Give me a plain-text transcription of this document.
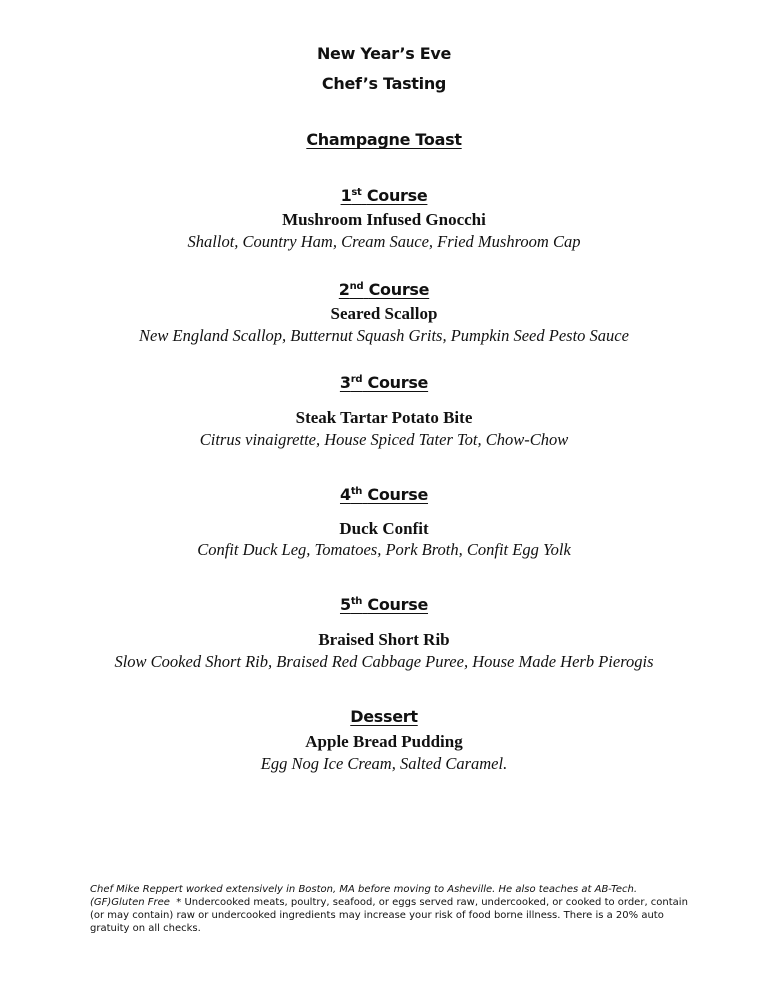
New Year’s Eve
Chef’s Tasting
Champagne Toast
1st Course
Mushroom Infused Gnocchi
Shallot, Country Ham, Cream Sauce, Fried Mushroom Cap
2nd Course
Seared Scallop
New England Scallop, Butternut Squash Grits, Pumpkin Seed Pesto Sauce
3rd Course
Steak Tartar Potato Bite
Citrus vinaigrette, House Spiced Tater Tot, Chow-Chow
4th Course
Duck Confit
Confit Duck Leg, Tomatoes, Pork Broth, Confit Egg Yolk
5th Course
Braised Short Rib
Slow Cooked Short Rib, Braised Red Cabbage Puree, House Made Herb Pierogis
Dessert
Apple Bread Pudding
Egg Nog Ice Cream, Salted Caramel.
Chef Mike Reppert worked extensively in Boston, MA before moving to Asheville. He also teaches at AB-Tech.
(GF)Gluten Free * Undercooked meats, poultry, seafood, or eggs served raw, undercooked, or cooked to order, contain (or may contain) raw or undercooked ingredients may increase your risk of food borne illness. There is a 20% auto gratuity on all checks.
